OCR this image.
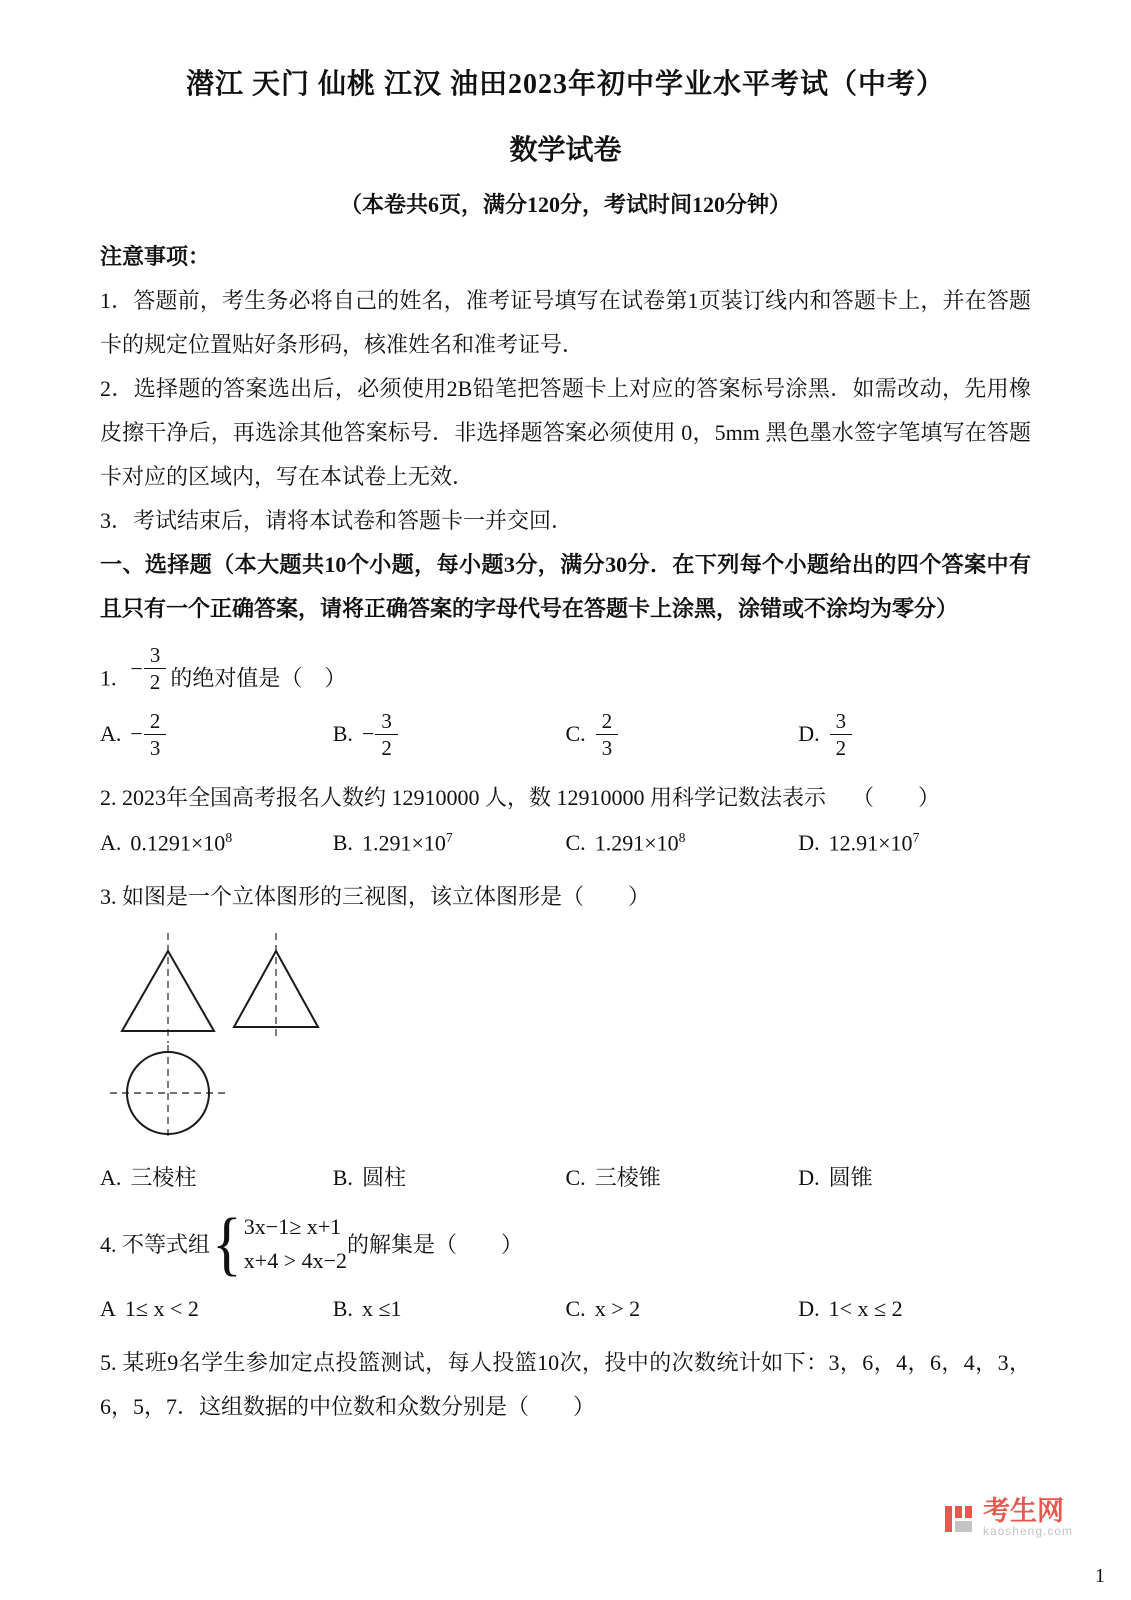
潜江 天门 仙桃 江汉 油田2023年初中学业水平考试（中考）
数学试卷
（本卷共6页，满分120分，考试时间120分钟）

注意事项：

1．答题前，考生务必将自己的姓名，准考证号填写在试卷第1页装订线内和答题卡上，并在答题卡的规定位置贴好条形码，核准姓名和准考证号．

2．选择题的答案选出后，必须使用2B铅笔把答题卡上对应的答案标号涂黑．如需改动，先用橡皮擦干净后，再选涂其他答案标号．非选择题答案必须使用 0，5mm 黑色墨水签字笔填写在答题卡对应的区域内，写在本试卷上无效．

3．考试结束后，请将本试卷和答题卡一并交回．

一、选择题（本大题共10个小题，每小题3分，满分30分．在下列每个小题给出的四个答案中有且只有一个正确答案，请将正确答案的字母代号在答题卡上涂黑，涂错或不涂均为零分）

1. − $\frac{3}{2}$ 的绝对值是（　）
A. − $\frac{2}{3}$	B. − $\frac{3}{2}$	C. $\frac{2}{3}$	D. $\frac{3}{2}$
2. 2023年全国高考报名人数约 12910000 人，数 12910000 用科学记数法表示 （　　）
A. $0.1291\times 10^8$	B. $1.291\times 10^7$	C. $1.291\times 10^8$	D. $12.91\times 10^7$
3. 如图是一个立体图形的三视图，该立体图形是（　　）
A. 三棱柱	B. 圆柱	C. 三棱锥	D. 圆锥
4. 不等式组 { 3x−1≥ x+1
x+4 > 4x−2
的解集是（　　）
A 1≤ x < 2	B. x ≤1	C. x > 2	D. 1< x ≤ 2

5. 某班9名学生参加定点投篮测试，每人投篮10次，投中的次数统计如下：3，6，4，6，4，3，6，5，7．这组数据的中位数和众数分别是（　　）

考生网
kaosheng.com
1
